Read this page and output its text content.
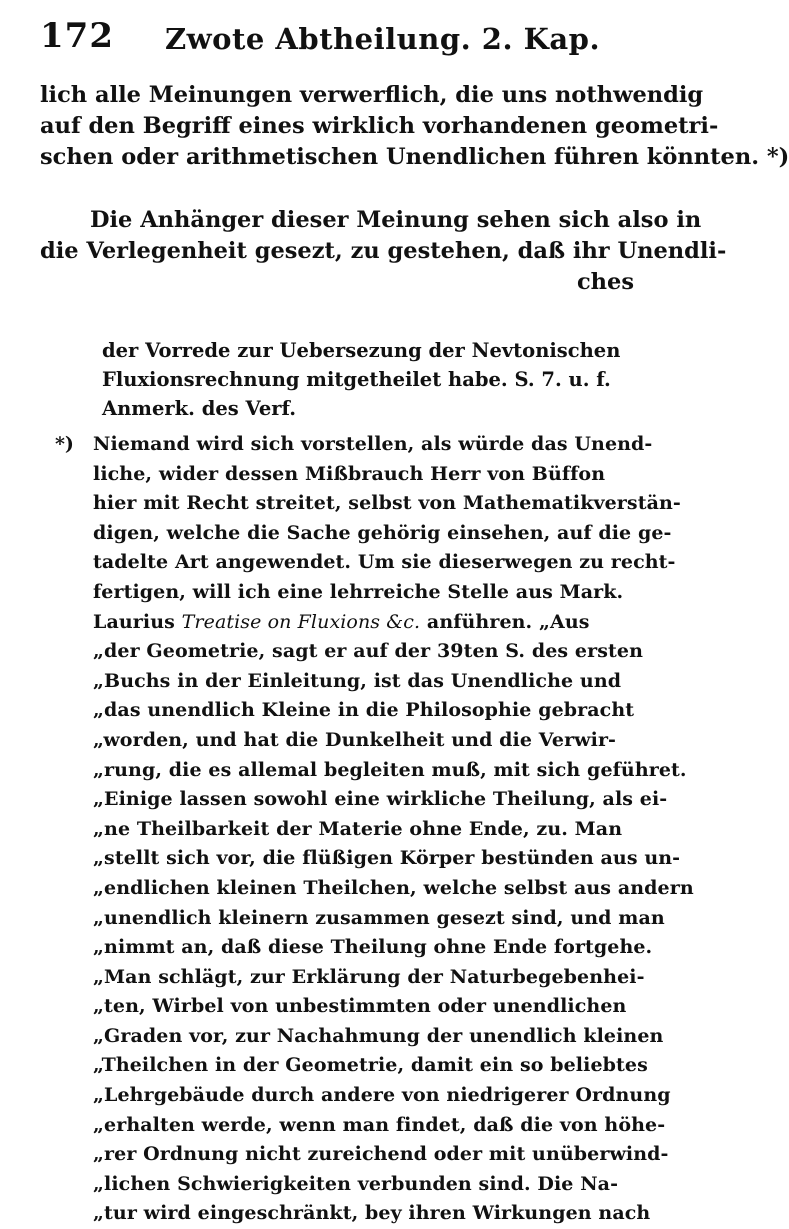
172 Zwote Abtheilung. 2. Kap.
lich alle Meinungen verwerflich, die uns nothwendig
auf den Begriff eines wirklich vorhandenen geometri-
schen oder arithmetischen Unendlichen führen könnten. *)
Die Anhänger dieser Meinung sehen sich also in
die Verlegenheit gesezt, zu gestehen, daß ihr Unendli-
ches
der Vorrede zur Uebersezung der Nevtonischen
Fluxionsrechnung mitgetheilet habe. S. 7. u. f.
Anmerk. des Verf.
*) Niemand wird sich vorstellen, als würde das Unend-
liche, wider dessen Mißbrauch Herr von Büffon
hier mit Recht streitet, selbst von Mathematikverstän-
digen, welche die Sache gehörig einsehen, auf die ge-
tadelte Art angewendet. Um sie dieserwegen zu recht-
fertigen, will ich eine lehrreiche Stelle aus Mark.
Laurius Treatise on Fluxions &c. anführen. „Aus
„der Geometrie, sagt er auf der 39ten S. des ersten
„Buchs in der Einleitung, ist das Unendliche und
„das unendlich Kleine in die Philosophie gebracht
„worden, und hat die Dunkelheit und die Verwir-
„rung, die es allemal begleiten muß, mit sich geführet.
„Einige lassen sowohl eine wirkliche Theilung, als ei-
„ne Theilbarkeit der Materie ohne Ende, zu. Man
„stellt sich vor, die flüßigen Körper bestünden aus un-
„endlichen kleinen Theilchen, welche selbst aus andern
„unendlich kleinern zusammen gesezt sind, und man
„nimmt an, daß diese Theilung ohne Ende fortgehe.
„Man schlägt, zur Erklärung der Naturbegebenhei-
„ten, Wirbel von unbestimmten oder unendlichen
„Graden vor, zur Nachahmung der unendlich kleinen
„Theilchen in der Geometrie, damit ein so beliebtes
„Lehrgebäude durch andere von niedrigerer Ordnung
„erhalten werde, wenn man findet, daß die von höhe-
„rer Ordnung nicht zureichend oder mit unüberwind-
„lichen Schwierigkeiten verbunden sind. Die Na-
„tur wird eingeschränkt, bey ihren Wirkungen nach
